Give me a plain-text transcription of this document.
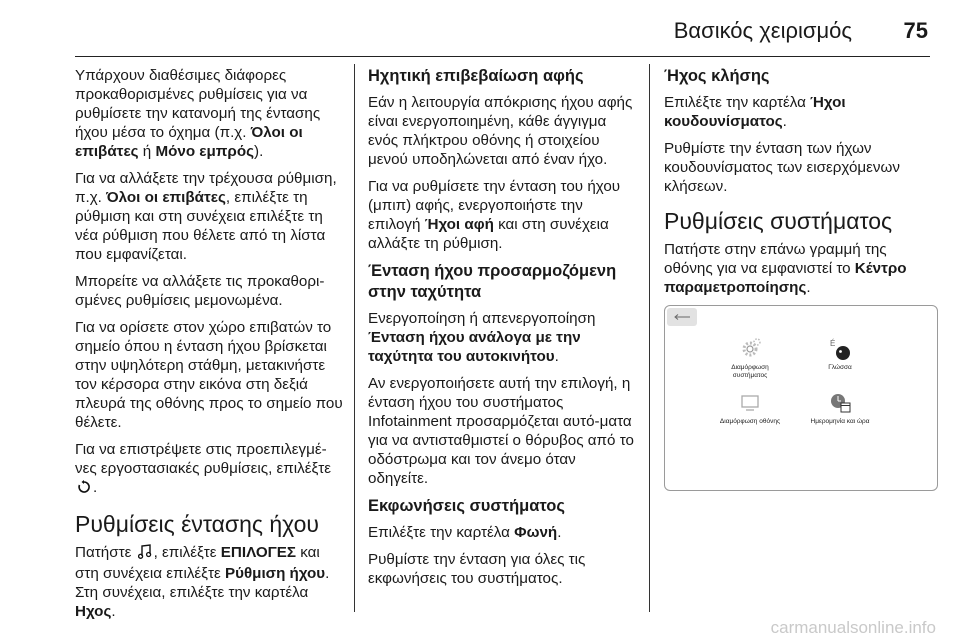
Βασικός χειρισμός 75

Υπάρχουν διαθέσιμες διάφορες προκαθορισμένες ρυθμίσεις για να ρυθμίσετε την κατανομή της έντασης ήχου μέσα το όχημα (π.χ. Όλοι οι επιβάτες ή Μόνο εμπρός).

Για να αλλάξετε την τρέχουσα ρύθμιση, π.χ. Όλοι οι επιβάτες, επιλέξτε τη ρύθμιση και στη συνέχεια επιλέξτε τη νέα ρύθμιση που θέλετε από τη λίστα που εμφανίζεται.

Μπορείτε να αλλάξετε τις προκαθορι-σμένες ρυθμίσεις μεμονωμένα.

Για να ορίσετε στον χώρο επιβατών το σημείο όπου η ένταση ήχου βρίσκεται στην υψηλότερη στάθμη, μετακινήστε τον κέρσορα στην εικόνα στη δεξιά πλευρά της οθόνης προς το σημείο που θέλετε.

Για να επιστρέψετε στις προεπιλεγμέ-νες εργοστασιακές ρυθμίσεις, επιλέξτε .

Ρυθμίσεις έντασης ήχου

Πατήστε , επιλέξτε ΕΠΙΛΟΓΕΣ και στη συνέχεια επιλέξτε Ρύθμιση ήχου. Στη συνέχεια, επιλέξτε την καρτέλα Ηχος.

Ηχητική επιβεβαίωση αφής

Εάν η λειτουργία απόκρισης ήχου αφής είναι ενεργοποιημένη, κάθε άγγιγμα ενός πλήκτρου οθόνης ή στοιχείου μενού υποδηλώνεται από έναν ήχο.

Για να ρυθμίσετε την ένταση του ήχου (μπιπ) αφής, ενεργοποιήστε την επιλογή Ήχοι αφή και στη συνέχεια αλλάξτε τη ρύθμιση.

Ένταση ήχου προσαρμοζόμενη στην ταχύτητα

Ενεργοποίηση ή απενεργοποίηση Ένταση ήχου ανάλογα με την ταχύτητα του αυτοκινήτου.

Αν ενεργοποιήσετε αυτή την επιλογή, η ένταση ήχου του συστήματος Infotainment προσαρμόζεται αυτό-ματα για να αντισταθμιστεί ο θόρυβος από το οδόστρωμα και τον άνεμο όταν οδηγείτε.

Εκφωνήσεις συστήματος

Επιλέξτε την καρτέλα Φωνή.

Ρυθμίστε την ένταση για όλες τις εκφωνήσεις του συστήματος.

Ήχος κλήσης

Επιλέξτε την καρτέλα Ήχοι κουδουνίσματος.

Ρυθμίστε την ένταση των ήχων κουδουνίσματος των εισερχόμενων κλήσεων.

Ρυθμίσεις συστήματος

Πατήστε στην επάνω γραμμή της οθόνης για να εμφανιστεί το Κέντρο παραμετροποίησης.

Διαμόρφωση συστήματος
É
Γλώσσα
Διαμόρφωση οθόνης	Ημερομηνία και ώρα
carmanualsonline.info
